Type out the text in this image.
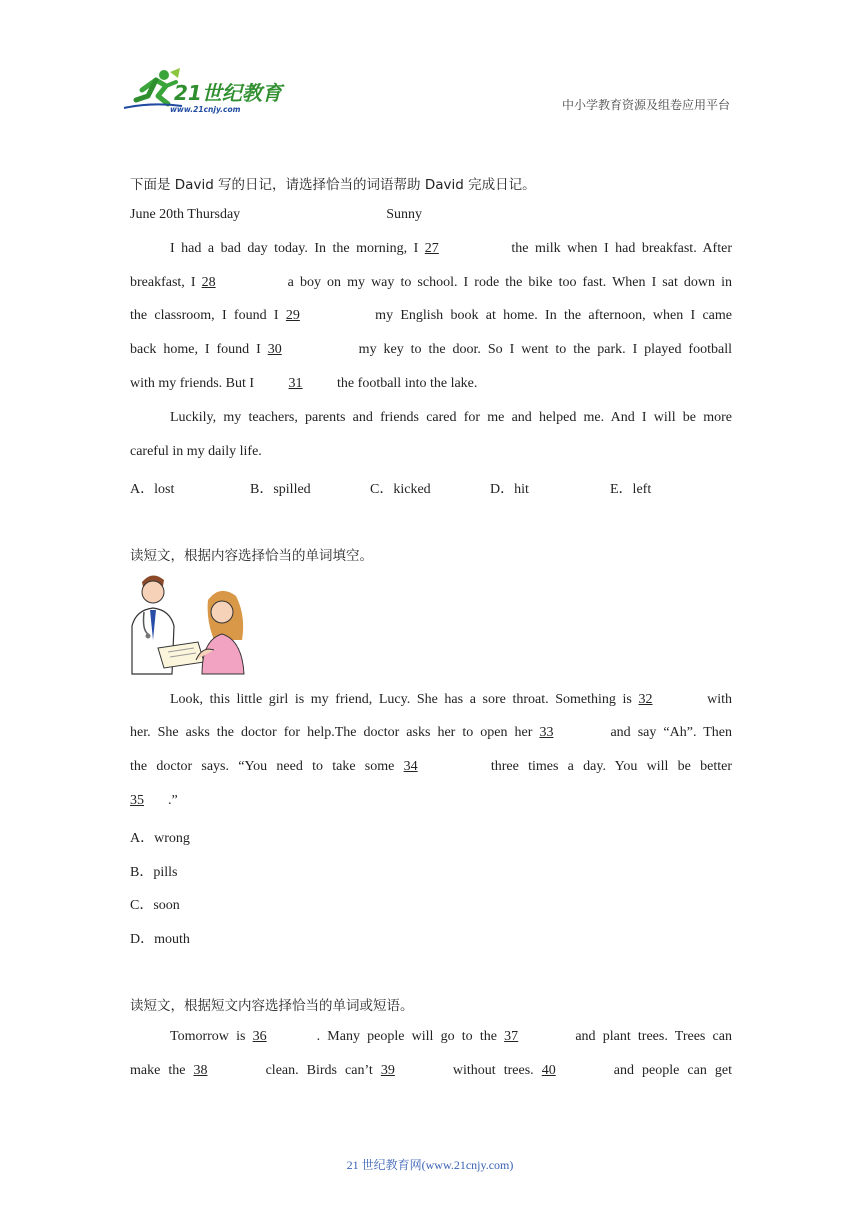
21世纪教育
www.21cnjy.com	中小学教育资源及组卷应用平台
下面是 David 写的日记，请选择恰当的词语帮助 David 完成日记。
June 20th Thursday	Sunny
I had a bad day today. In the morning, I 27	the milk when I had breakfast. After
breakfast, I 28	a boy on my way to school. I rode the bike too fast. When I sat down in
the classroom, I found I 29	my English book at home. In the afternoon, when I came
back home, I found I 30	my key to the door. So I went to the park. I played football
with my friends. But I 31 the football into the lake.
Luckily, my teachers, parents and friends cared for me and helped me. And I will be more
careful in my daily life.
A．lost	B．spilled	C．kicked	D．hit	E．left
读短文，根据内容选择恰当的单词填空。
Look, this little girl is my friend, Lucy. She has a sore throat. Something is 32	with
her. She asks the doctor for help.The doctor asks her to open her 33	and say “Ah”. Then
the doctor says. “You need to take some 34	three times a day. You will be better
35 .”
A．wrong
B．pills
C．soon
D．mouth
读短文，根据短文内容选择恰当的单词或短语。
Tomorrow is 36	. Many people will go to the 37	and plant trees. Trees can
make the 38	clean. Birds can’t 39	without trees. 40	and people can get
21 世纪教育网(www.21cnjy.com)
